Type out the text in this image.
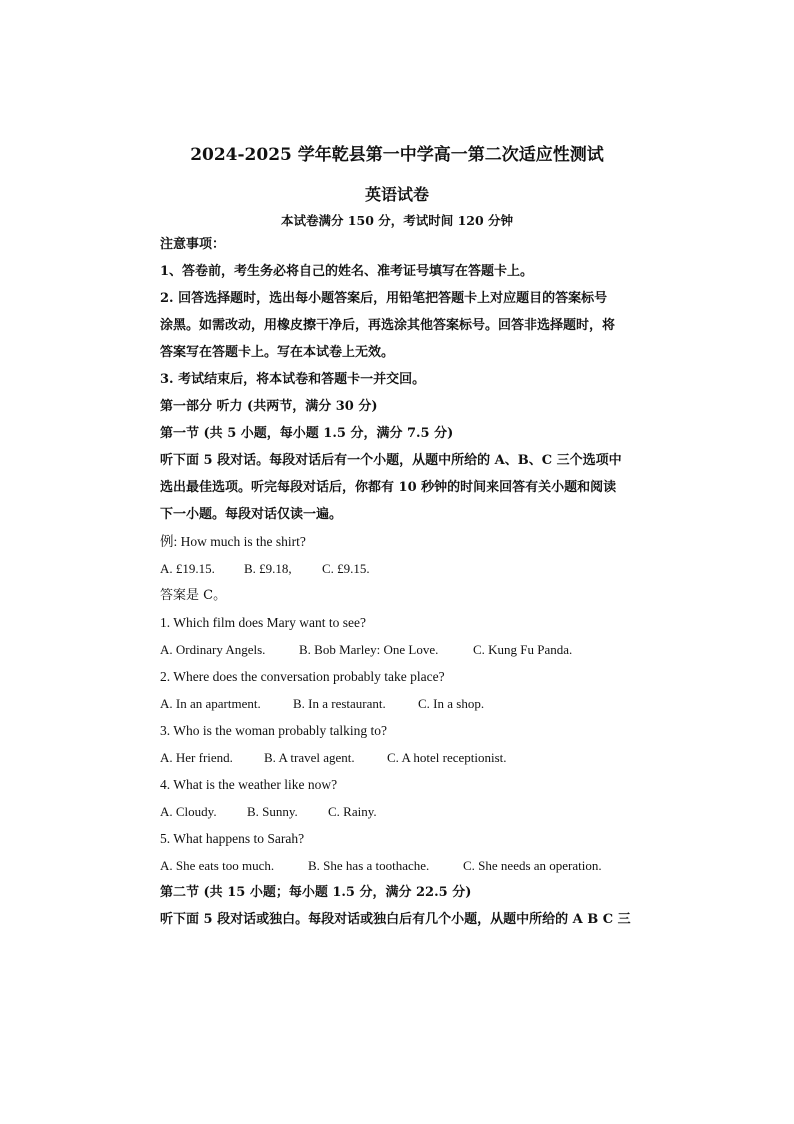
2024-2025 学年乾县第一中学高一第二次适应性测试
英语试卷
本试卷满分 150 分，考试时间 120 分钟
注意事项：
1、答卷前，考生务必将自己的姓名、准考证号填写在答题卡上。
2. 回答选择题时，选出每小题答案后，用铅笔把答题卡上对应题目的答案标号
涂黑。如需改动，用橡皮擦干净后，再选涂其他答案标号。回答非选择题时，将
答案写在答题卡上。写在本试卷上无效。
3. 考试结束后，将本试卷和答题卡一并交回。
第一部分 听力 (共两节，满分 30 分)
第一节 (共 5 小题，每小题 1.5 分，满分 7.5 分)
听下面 5 段对话。每段对话后有一个小题，从题中所给的 A、B、C 三个选项中
选出最佳选项。听完每段对话后，你都有 10 秒钟的时间来回答有关小题和阅读
下一小题。每段对话仅读一遍。
例: How much is the shirt?
A. £19.15. B. £9.18, C. £9.15.
答案是 C。
1. Which film does Mary want to see?
A. Ordinary Angels.	B. Bob Marley: One Love.	C. Kung Fu Panda.
2. Where does the conversation probably take place?
A. In an apartment. B. In a restaurant. C. In a shop.
3. Who is the woman probably talking to?
A. Her friend. B. A travel agent. C. A hotel receptionist.
4. What is the weather like now?
A. Cloudy. B. Sunny. C. Rainy.
5. What happens to Sarah?
A. She eats too much.	B. She has a toothache.	C. She needs an operation.
第二节 (共 15 小题；每小题 1.5 分，满分 22.5 分)
听下面 5 段对话或独白。每段对话或独白后有几个小题，从题中所给的 A B C 三
